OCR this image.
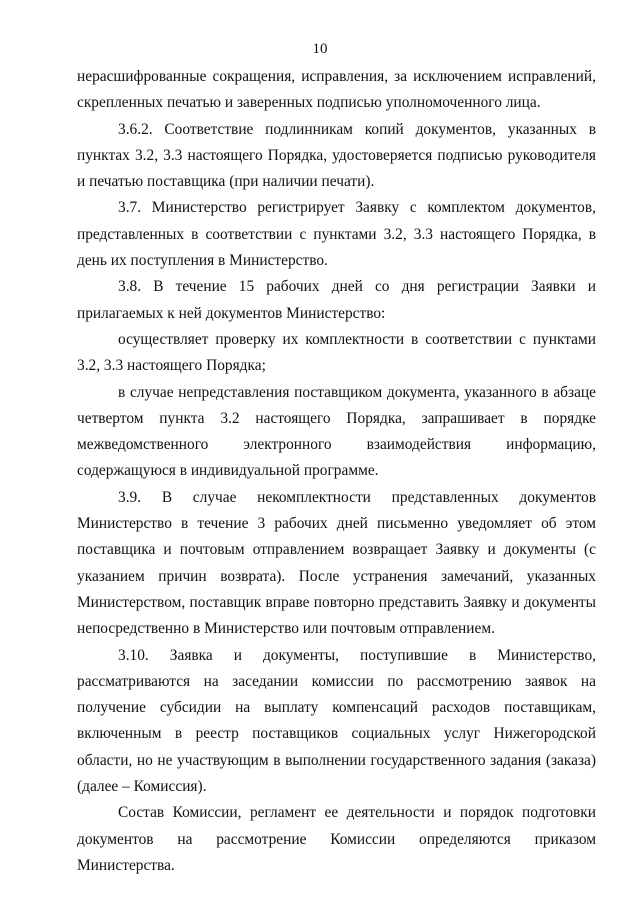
10

нерасшифрованные сокращения, исправления, за исключением исправлений, скрепленных печатью и заверенных подписью уполномоченного лица.

3.6.2. Соответствие подлинникам копий документов, указанных в пунктах 3.2, 3.3 настоящего Порядка, удостоверяется подписью руководителя и печатью поставщика (при наличии печати).

3.7. Министерство регистрирует Заявку с комплектом документов, представленных в соответствии с пунктами 3.2, 3.3 настоящего Порядка, в день их поступления в Министерство.

3.8. В течение 15 рабочих дней со дня регистрации Заявки и прилагаемых к ней документов Министерство:

осуществляет проверку их комплектности в соответствии с пунктами 3.2, 3.3 настоящего Порядка;

в случае непредставления поставщиком документа, указанного в абзаце четвертом пункта 3.2 настоящего Порядка, запрашивает в порядке межведомственного электронного взаимодействия информацию, содержащуюся в индивидуальной программе.

3.9. В случае некомплектности представленных документов Министерство в течение 3 рабочих дней письменно уведомляет об этом поставщика и почтовым отправлением возвращает Заявку и документы (с указанием причин возврата). После устранения замечаний, указанных Министерством, поставщик вправе повторно представить Заявку и документы непосредственно в Министерство или почтовым отправлением.

3.10. Заявка и документы, поступившие в Министерство, рассматриваются на заседании комиссии по рассмотрению заявок на получение субсидии на выплату компенсаций расходов поставщикам, включенным в реестр поставщиков социальных услуг Нижегородской области, но не участвующим в выполнении государственного задания (заказа) (далее – Комиссия).

Состав Комиссии, регламент ее деятельности и порядок подготовки документов на рассмотрение Комиссии определяются приказом Министерства.
